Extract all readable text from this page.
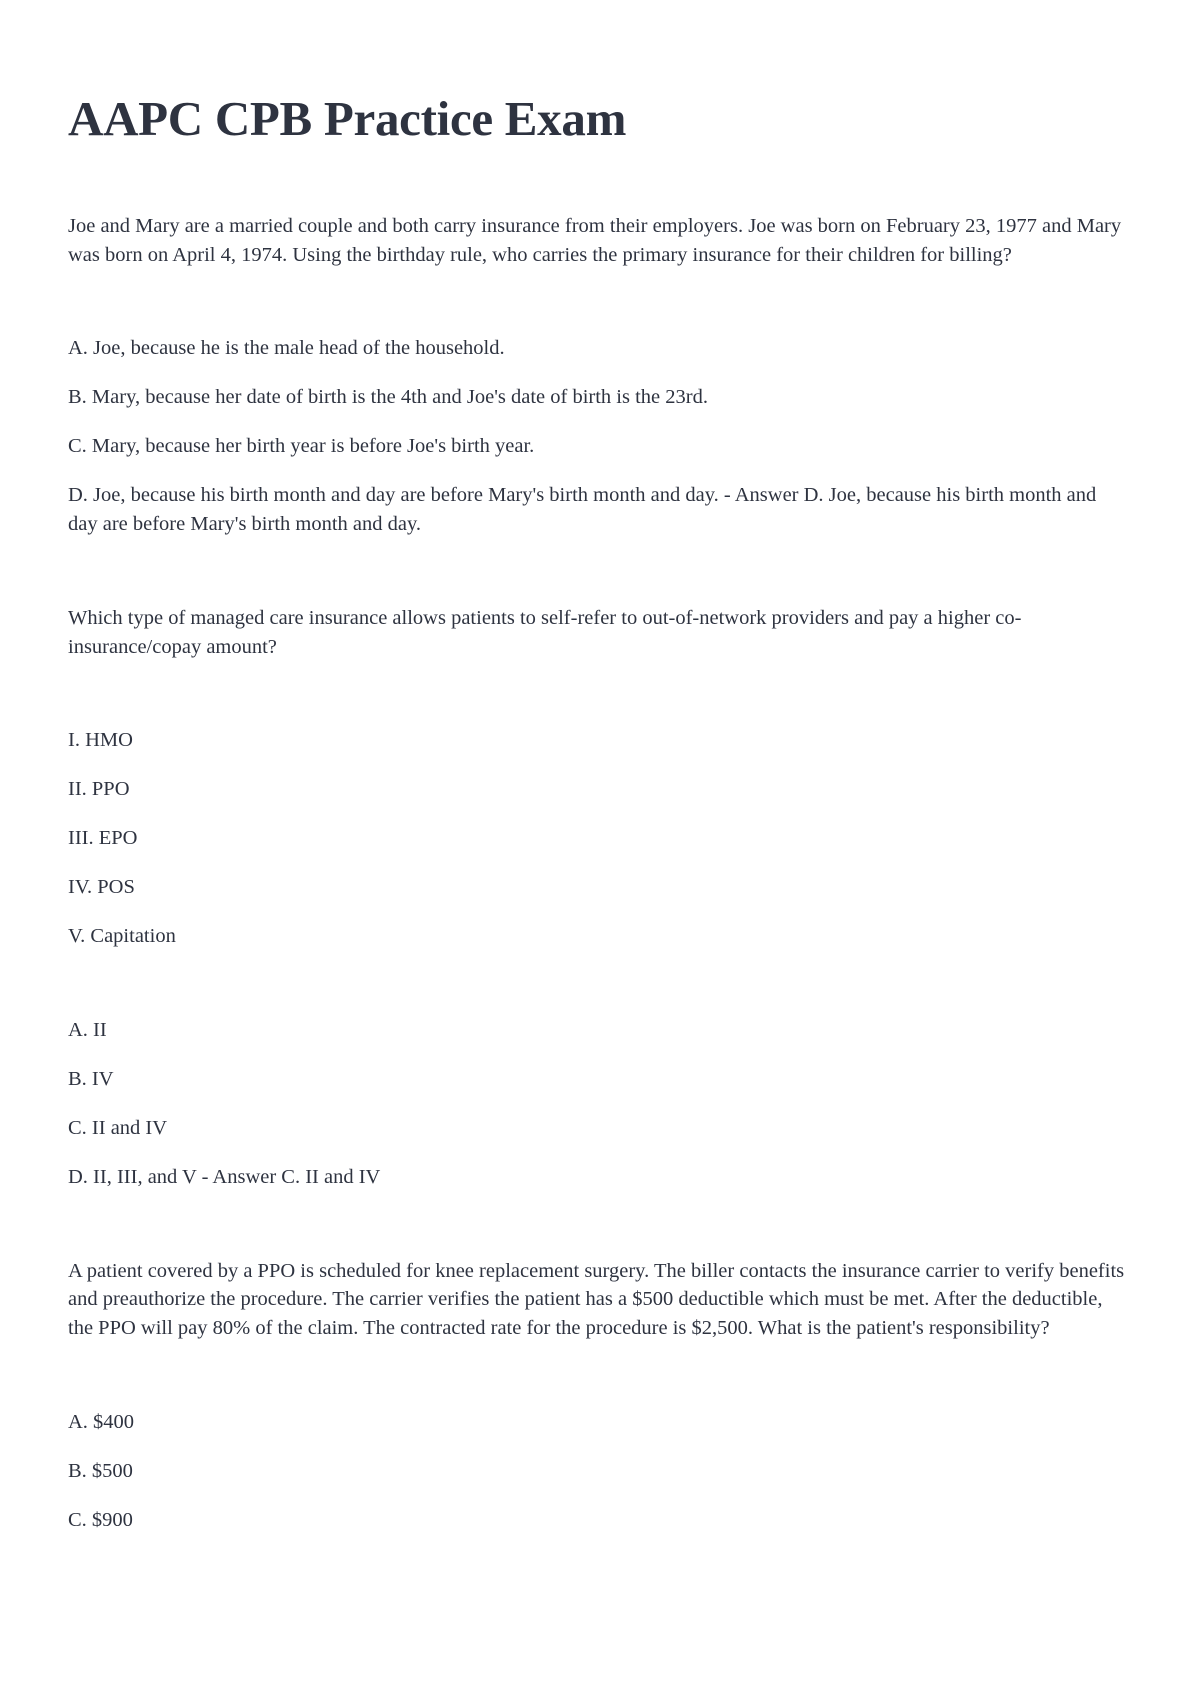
AAPC CPB Practice Exam

Joe and Mary are a married couple and both carry insurance from their employers. Joe was born on February 23, 1977 and Mary was born on April 4, 1974. Using the birthday rule, who carries the primary insurance for their children for billing?

A. Joe, because he is the male head of the household.

B. Mary, because her date of birth is the 4th and Joe's date of birth is the 23rd.

C. Mary, because her birth year is before Joe's birth year.

D. Joe, because his birth month and day are before Mary's birth month and day. - Answer D. Joe, because his birth month and day are before Mary's birth month and day.

Which type of managed care insurance allows patients to self-refer to out-of-network providers and pay a higher co-insurance/copay amount?

I. HMO

II. PPO

III. EPO

IV. POS

V. Capitation

A. II

B. IV

C. II and IV

D. II, III, and V - Answer C. II and IV

A patient covered by a PPO is scheduled for knee replacement surgery. The biller contacts the insurance carrier to verify benefits and preauthorize the procedure. The carrier verifies the patient has a $500 deductible which must be met. After the deductible, the PPO will pay 80% of the claim. The contracted rate for the procedure is $2,500. What is the patient's responsibility?

A. $400

B. $500

C. $900
